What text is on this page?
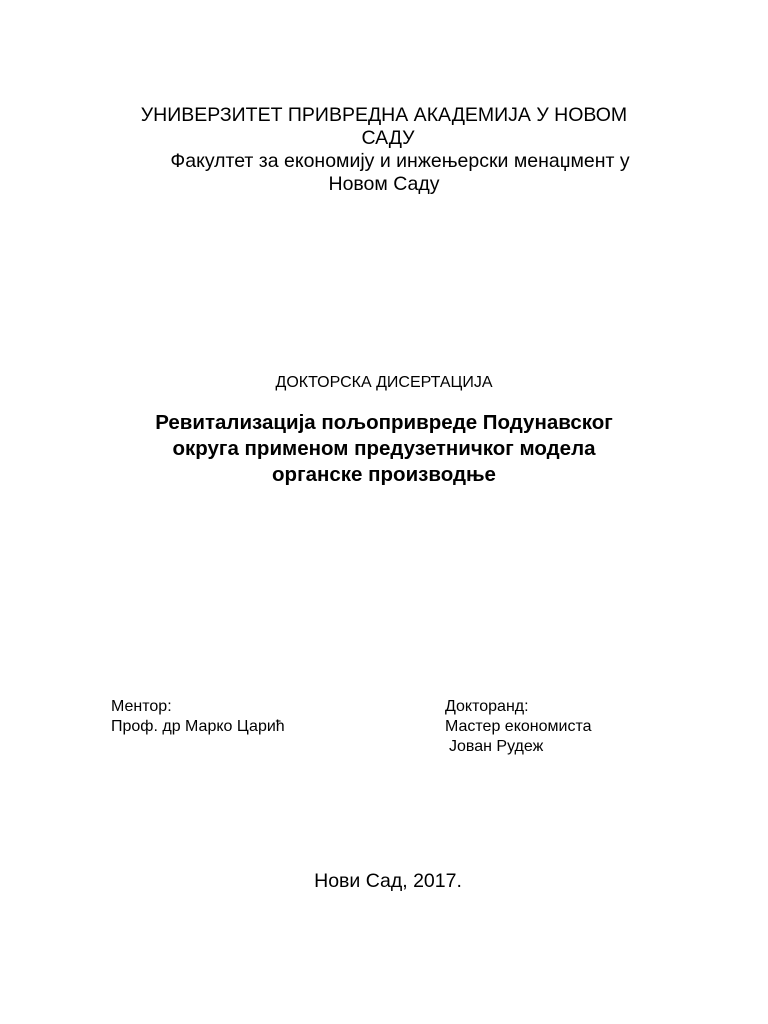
УНИВЕРЗИТЕТ ПРИВРЕДНА АКАДЕМИЈА У НОВОМ
САДУ
Факултет за економију и инжењерски менаџмент у
Новом Саду
ДОКТОРСКА ДИСЕРТАЦИЈА
Ревитализација пољопривреде Подунавског
округа применом предузетничког модела
органске производње
Ментор:
Проф. др Марко Царић
Докторанд:
Мастер економиста
Јован Рудеж
Нови Сад, 2017.
